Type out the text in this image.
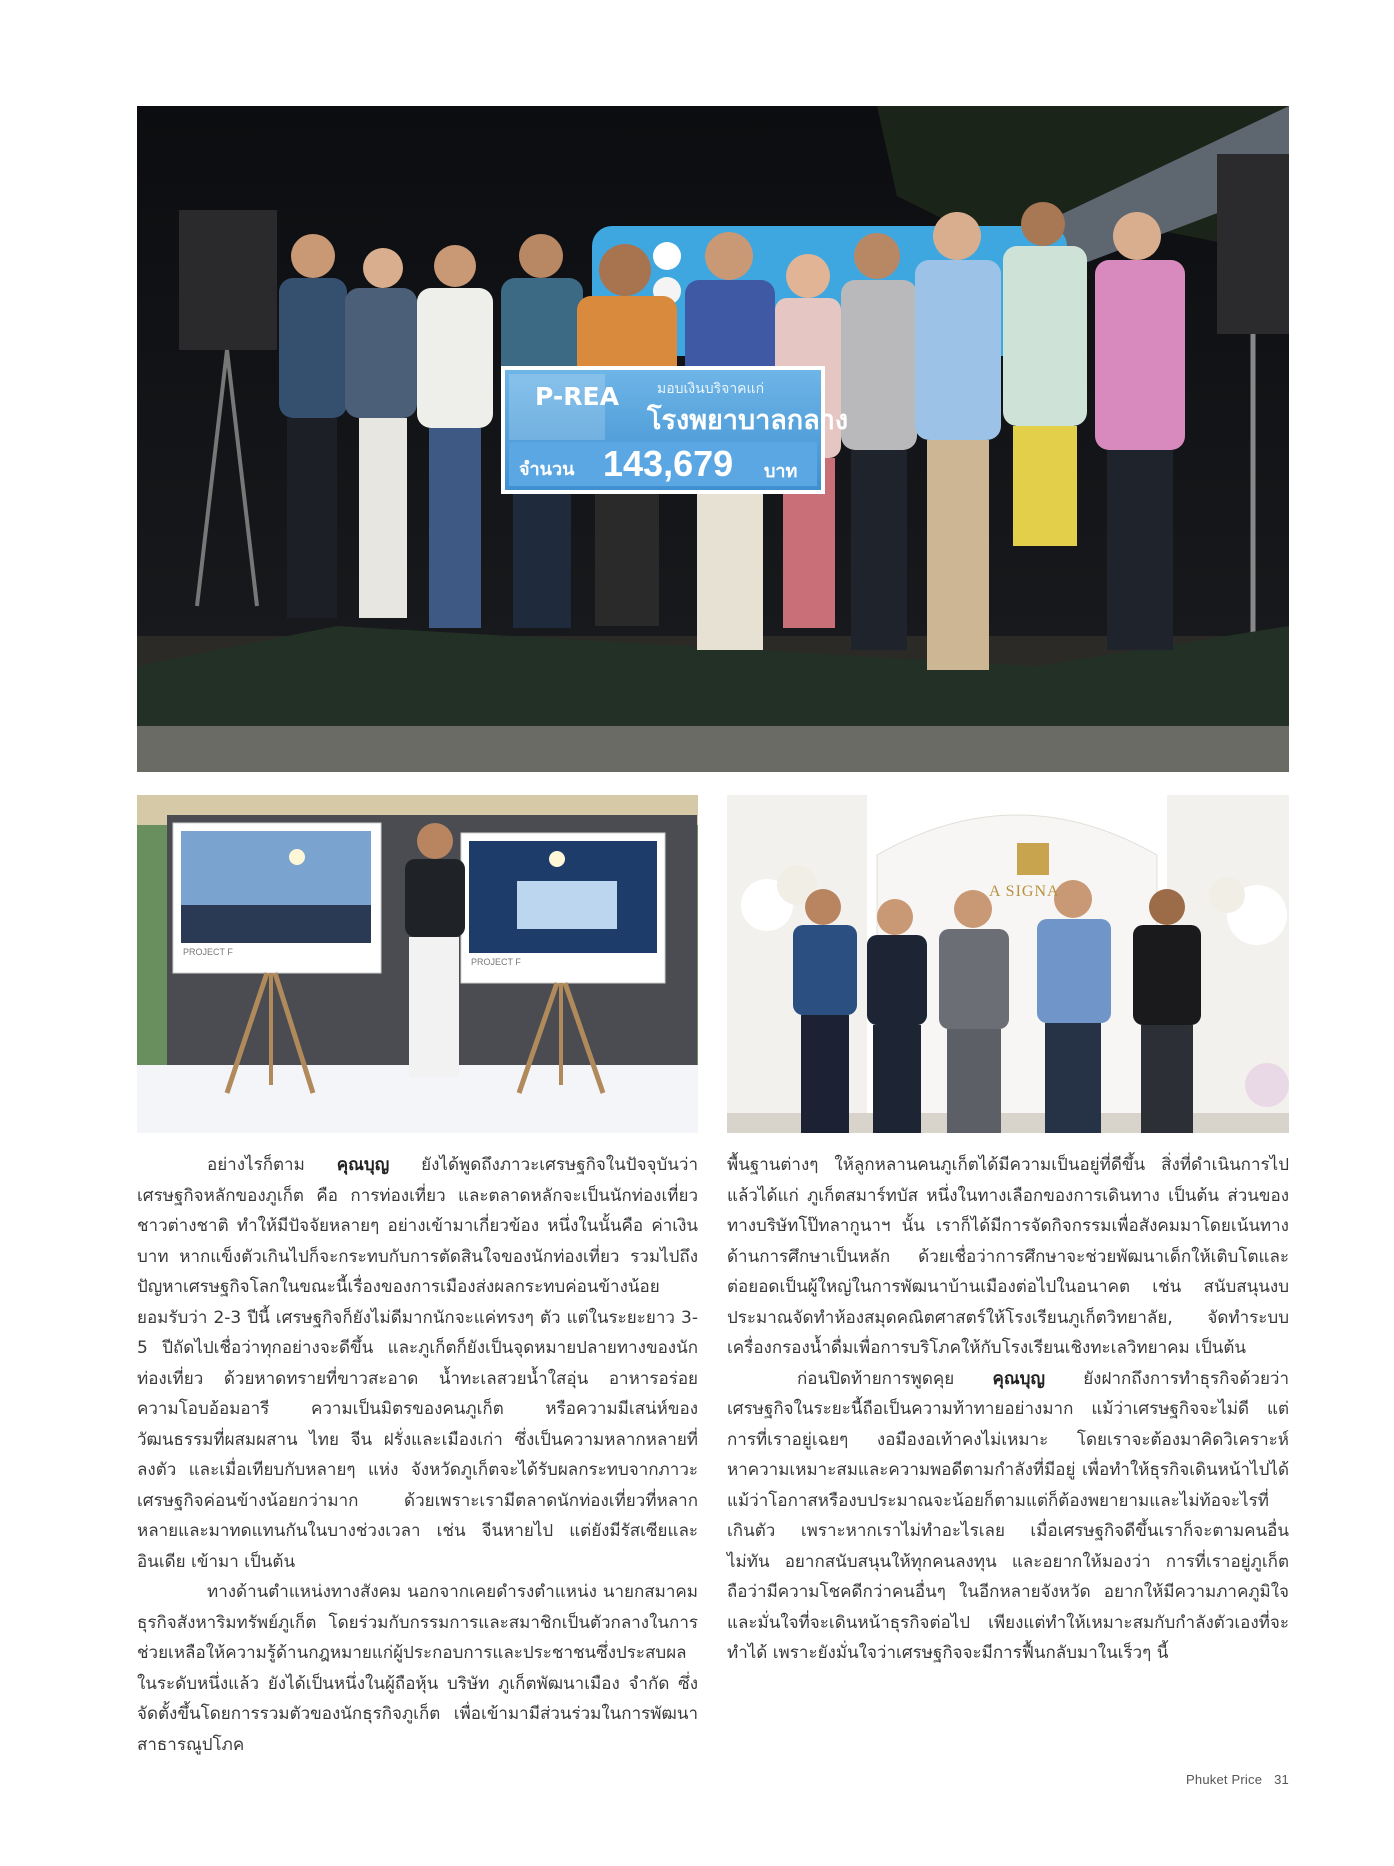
P-REA	มอบเงินบริจาคแก่
โรงพยาบาลกลาง
จำนวน 143,679 บาท
PROJECT F
PROJECT F
A SIGNA

อย่างไรก็ตาม คุณบุญ ยังได้พูดถึงภาวะเศรษฐกิจในปัจจุบันว่า เศรษฐกิจหลักของภูเก็ต คือ การท่องเที่ยว และตลาดหลักจะเป็นนักท่องเที่ยวชาวต่างชาติ ทำให้มีปัจจัยหลายๆ อย่างเข้ามาเกี่ยวข้อง หนึ่งในนั้นคือ ค่าเงินบาท หากแข็งตัวเกินไปก็จะกระทบกับการตัดสินใจของนักท่องเที่ยว รวมไปถึงปัญหาเศรษฐกิจโลกในขณะนี้เรื่องของการเมืองส่งผลกระทบค่อนข้างน้อย ยอมรับว่า 2-3 ปีนี้ เศรษฐกิจก็ยังไม่ดีมากนักจะแค่ทรงๆ ตัว แต่ในระยะยาว 3-5 ปีถัดไปเชื่อว่าทุกอย่างจะดีขึ้น และภูเก็ตก็ยังเป็นจุดหมายปลายทางของนักท่องเที่ยว ด้วยหาดทรายที่ขาวสะอาด น้ำทะเลสวยน้ำใสอุ่น อาหารอร่อย ความโอบอ้อมอารี ความเป็นมิตรของคนภูเก็ต หรือความมีเสน่ห์ของวัฒนธรรมที่ผสมผสาน ไทย จีน ฝรั่งและเมืองเก่า ซึ่งเป็นความหลากหลายที่ลงตัว และเมื่อเทียบกับหลายๆ แห่ง จังหวัดภูเก็ตจะได้รับผลกระทบจากภาวะเศรษฐกิจค่อนข้างน้อยกว่ามาก ด้วยเพราะเรามีตลาดนักท่องเที่ยวที่หลากหลายและมาทดแทนกันในบางช่วงเวลา เช่น จีนหายไป แต่ยังมีรัสเซียและอินเดีย เข้ามา เป็นต้น

ทางด้านตำแหน่งทางสังคม นอกจากเคยดำรงตำแหน่ง นายกสมาคมธุรกิจสังหาริมทรัพย์ภูเก็ต โดยร่วมกับกรรมการและสมาชิกเป็นตัวกลางในการช่วยเหลือให้ความรู้ด้านกฎหมายแก่ผู้ประกอบการและประชาชนซึ่งประสบผลในระดับหนึ่งแล้ว ยังได้เป็นหนึ่งในผู้ถือหุ้น บริษัท ภูเก็ตพัฒนาเมือง จำกัด ซึ่งจัดตั้งขึ้นโดยการรวมตัวของนักธุรกิจภูเก็ต เพื่อเข้ามามีส่วนร่วมในการพัฒนาสาธารณูปโภค

พื้นฐานต่างๆ ให้ลูกหลานคนภูเก็ตได้มีความเป็นอยู่ที่ดีขึ้น สิ่งที่ดำเนินการไปแล้วได้แก่ ภูเก็ตสมาร์ทบัส หนึ่งในทางเลือกของการเดินทาง เป็นต้น ส่วนของทางบริษัทโป๊ทลากูนาฯ นั้น เราก็ได้มีการจัดกิจกรรมเพื่อสังคมมาโดยเน้นทางด้านการศึกษาเป็นหลัก ด้วยเชื่อว่าการศึกษาจะช่วยพัฒนาเด็กให้เติบโตและต่อยอดเป็นผู้ใหญ่ในการพัฒนาบ้านเมืองต่อไปในอนาคต เช่น สนับสนุนงบประมาณจัดทำห้องสมุดคณิตศาสตร์ให้โรงเรียนภูเก็ตวิทยาลัย, จัดทำระบบเครื่องกรองน้ำดื่มเพื่อการบริโภคให้กับโรงเรียนเชิงทะเลวิทยาคม เป็นต้น

ก่อนปิดท้ายการพูดคุย คุณบุญ ยังฝากถึงการทำธุรกิจด้วยว่า เศรษฐกิจในระยะนี้ถือเป็นความท้าทายอย่างมาก แม้ว่าเศรษฐกิจจะไม่ดี แต่การที่เราอยู่เฉยๆ งอมืองอเท้าคงไม่เหมาะ โดยเราจะต้องมาคิดวิเคราะห์หาความเหมาะสมและความพอดีตามกำลังที่มีอยู่ เพื่อทำให้ธุรกิจเดินหน้าไปได้ แม้ว่าโอกาสหรืองบประมาณจะน้อยก็ตามแต่ก็ต้องพยายามและไม่ท้อจะไรที่เกินตัว เพราะหากเราไม่ทำอะไรเลย เมื่อเศรษฐกิจดีขึ้นเราก็จะตามคนอื่นไม่ทัน อยากสนับสนุนให้ทุกคนลงทุน และอยากให้มองว่า การที่เราอยู่ภูเก็ตถือว่ามีความโชคดีกว่าคนอื่นๆ ในอีกหลายจังหวัด อยากให้มีความภาคภูมิใจและมั่นใจที่จะเดินหน้าธุรกิจต่อไป เพียงแต่ทำให้เหมาะสมกับกำลังตัวเองที่จะทำได้ เพราะยังมั่นใจว่าเศรษฐกิจจะมีการฟื้นกลับมาในเร็วๆ นี้

Phuket Price 31
